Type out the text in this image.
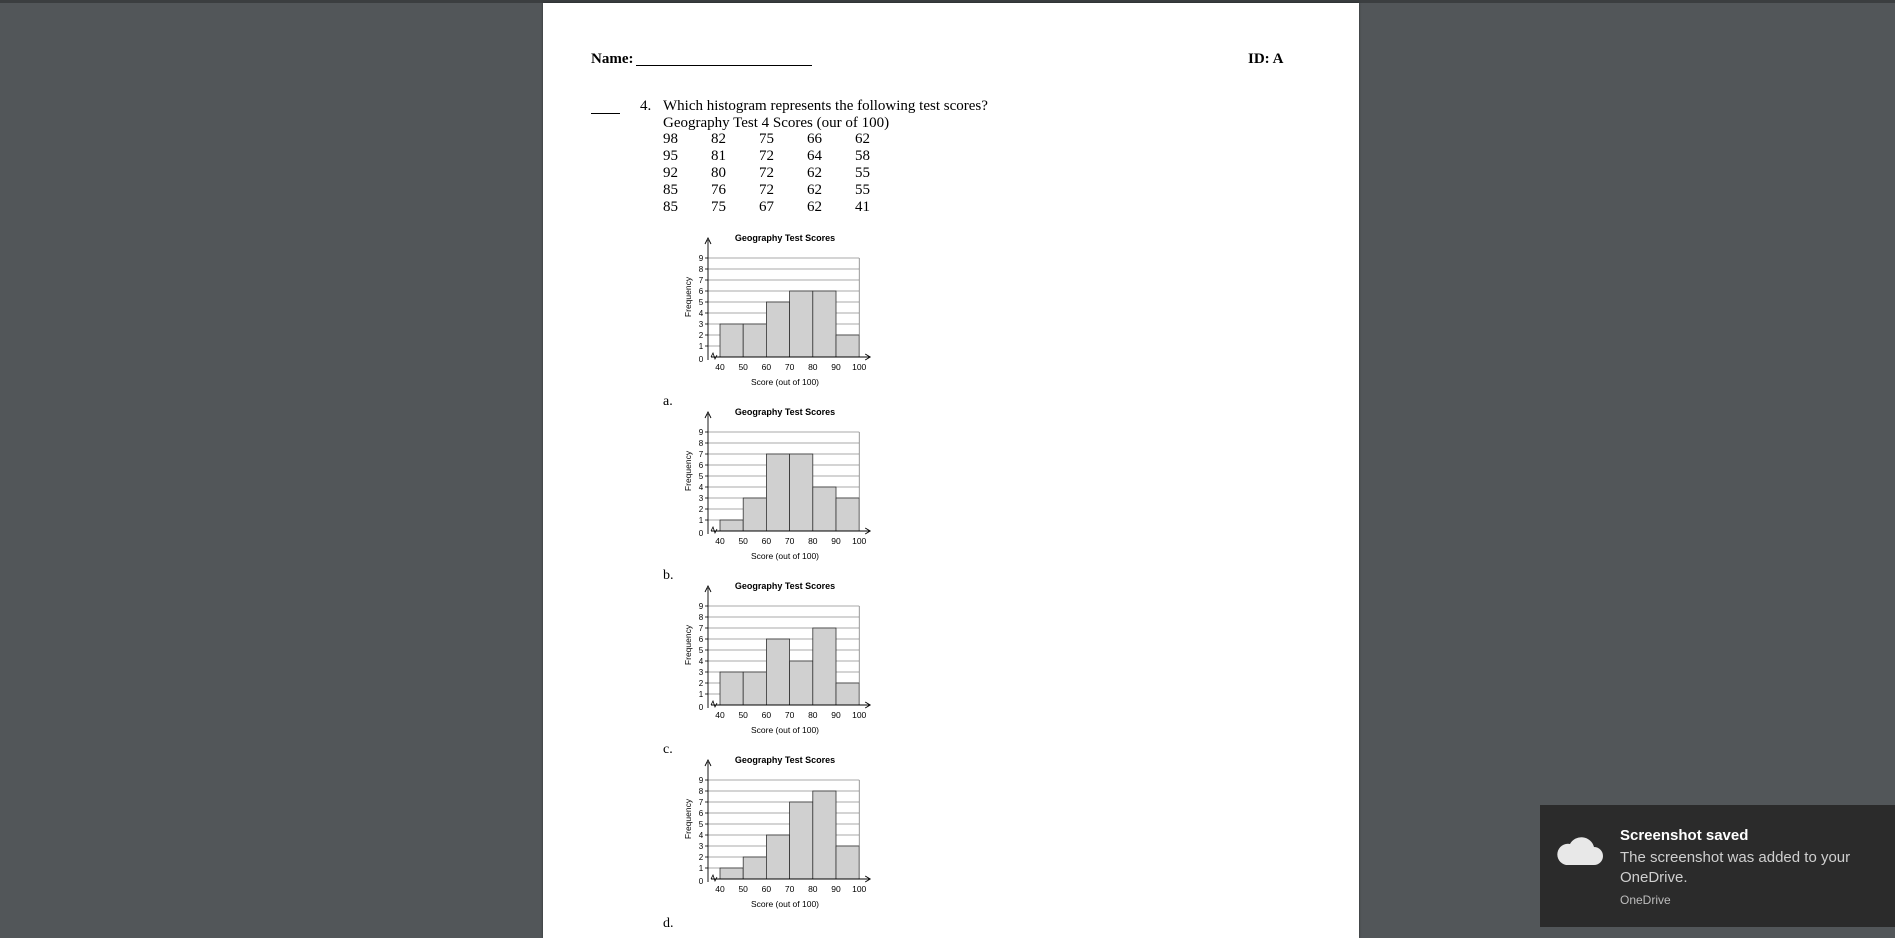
Name:	ID: A
4. Which histogram represents the following test scores?
Geography Test 4 Scores (our of 100)
98	82	75	66	62
95	81	72	64	58
92	80	72	62	55
85	76	72	62	55
85	75	67	62	41
Geography Test Scores
0
1
2
3
4
5
6
7
8
9
40 50 60 70 80 90 100
Score (out of 100)
Frequency
a.
Geography Test Scores
0
1
2
3
4
5
6
7
8
9
40 50 60 70 80 90 100
Score (out of 100)
Frequency
b.
Geography Test Scores
0
1
2
3
4
5
6
7
8
9
40 50 60 70 80 90 100
Score (out of 100)
Frequency
c.
Geography Test Scores
0
1
2
3
4
5
6
7
8
9
40 50 60 70 80 90 100
Score (out of 100)
Frequency
d.
Screenshot saved
The screenshot was added to your OneDrive.
OneDrive
